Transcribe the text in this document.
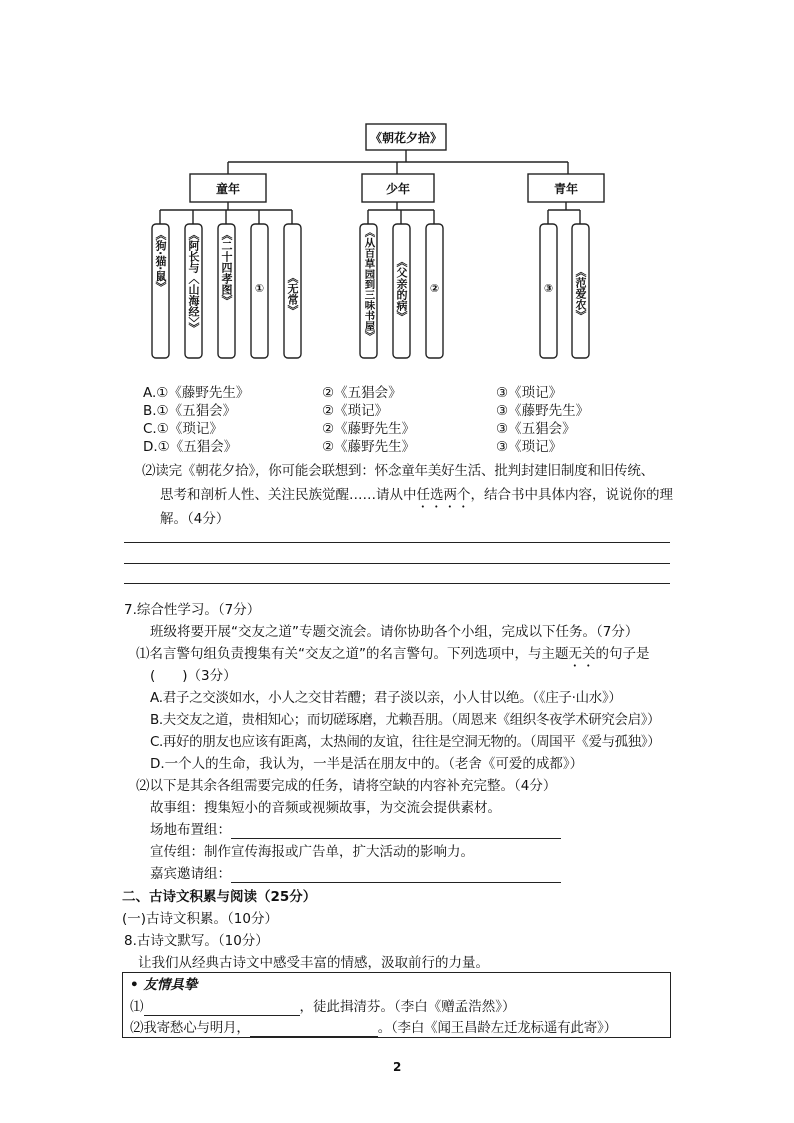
《朝花夕拾》
童年	少年	青年
《狗·猫·鼠》 《阿长与〈山海经〉》 《二十四孝图》 ① 《无常》	《从百草园到三味书屋》 《父亲的病》 ②	③ 《范爱农》
A.①《藤野先生》	②《五猖会》	③《琐记》
B.①《五猖会》	②《琐记》	③《藤野先生》
C.①《琐记》	②《藤野先生》	③《五猖会》
D.①《五猖会》	②《藤野先生》	③《琐记》
⑵读完《朝花夕拾》，你可能会联想到：怀念童年美好生活、批判封建旧制度和旧传统、
思考和剖析人性、关注民族觉醒……请从中任选两个，结合书中具体内容，说说你的理
解。（4分）
7.综合性学习。（7分）
班级将要开展“交友之道”专题交流会。请你协助各个小组，完成以下任务。（7分）
⑴名言警句组负责搜集有关“交友之道”的名言警句。下列选项中，与主题无关的句子是
(　　)（3分）
A.君子之交淡如水，小人之交甘若醴；君子淡以亲，小人甘以绝。（《庄子·山水》）
B.夫交友之道，贵相知心；而切磋琢磨，尤赖吾朋。（周恩来《组织冬夜学术研究会启》）
C.再好的朋友也应该有距离，太热闹的友谊，往往是空洞无物的。（周国平《爱与孤独》）
D.一个人的生命，我认为，一半是活在朋友中的。（老舍《可爱的成都》）
⑵以下是其余各组需要完成的任务，请将空缺的内容补充完整。（4分）
故事组：搜集短小的音频或视频故事，为交流会提供素材。
场地布置组：
宣传组：制作宣传海报或广告单，扩大活动的影响力。
嘉宾邀请组：
二、古诗文积累与阅读（25分）
(一)古诗文积累。（10分）
8.古诗文默写。（10分）
让我们从经典古诗文中感受丰富的情感，汲取前行的力量。
• 友情具挚
⑴	，徒此揖清芬。（李白《赠孟浩然》）
⑵我寄愁心与明月，	。（李白《闻王昌龄左迁龙标遥有此寄》）
2
